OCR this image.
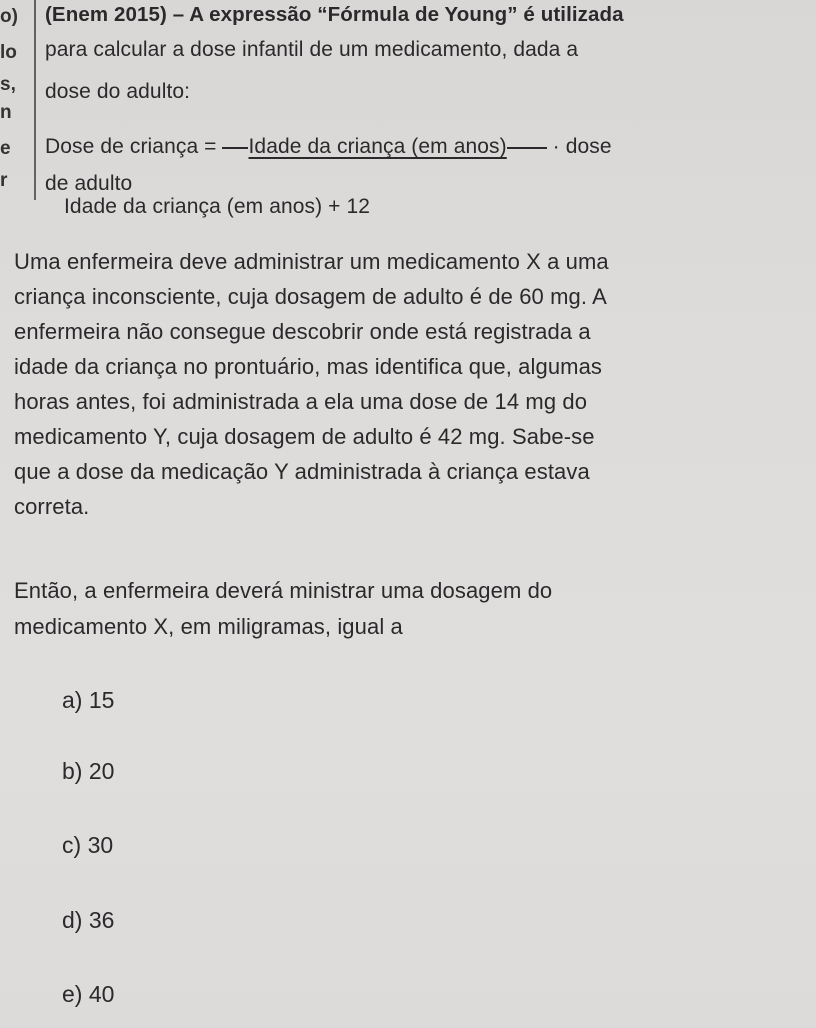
o)
lo
s,
n
e
r
(Enem 2015) – A expressão “Fórmula de Young” é utilizada
para calcular a dose infantil de um medicamento, dada a
dose do adulto:
Dose de criança = Idade da criança (em anos) · dose
de adulto
Idade da criança (em anos) + 12
Uma enfermeira deve administrar um medicamento X a uma
criança inconsciente, cuja dosagem de adulto é de 60 mg. A
enfermeira não consegue descobrir onde está registrada a
idade da criança no prontuário, mas identifica que, algumas
horas antes, foi administrada a ela uma dose de 14 mg do
medicamento Y, cuja dosagem de adulto é 42 mg. Sabe-se
que a dose da medicação Y administrada à criança estava
correta.
Então, a enfermeira deverá ministrar uma dosagem do
medicamento X, em miligramas, igual a
a) 15
b) 20
c) 30
d) 36
e) 40
